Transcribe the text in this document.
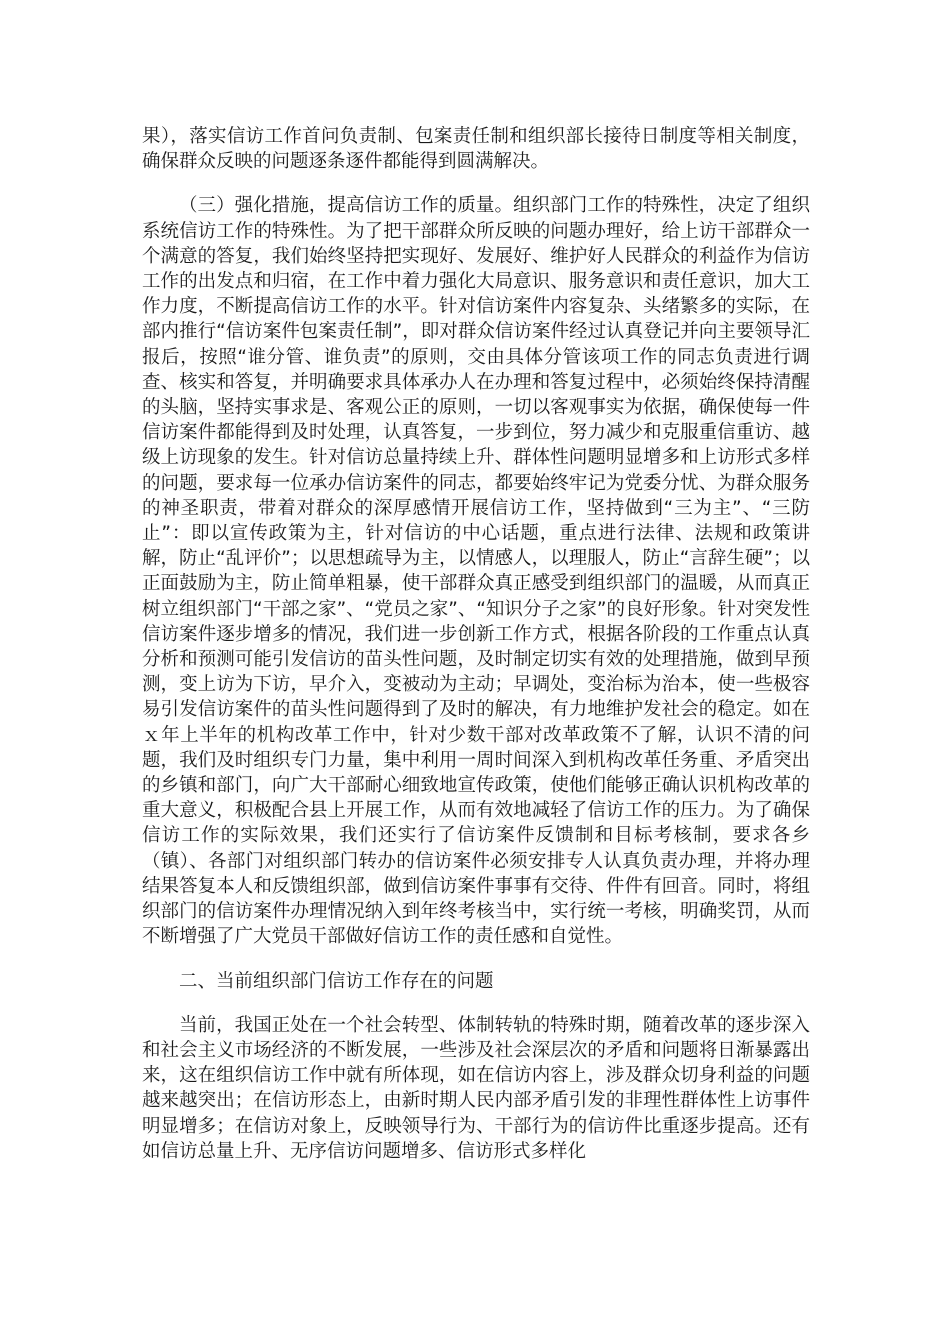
果），落实信访工作首问负责制、包案责任制和组织部长接待日制度等相关制度，确保群众反映的问题逐条逐件都能得到圆满解决。

（三）强化措施，提高信访工作的质量。组织部门工作的特殊性，决定了组织系统信访工作的特殊性。为了把干部群众所反映的问题办理好，给上访干部群众一个满意的答复，我们始终坚持把实现好、发展好、维护好人民群众的利益作为信访工作的出发点和归宿，在工作中着力强化大局意识、服务意识和责任意识，加大工作力度，不断提高信访工作的水平。针对信访案件内容复杂、头绪繁多的实际，在部内推行“信访案件包案责任制”，即对群众信访案件经过认真登记并向主要领导汇报后，按照“谁分管、谁负责”的原则，交由具体分管该项工作的同志负责进行调查、核实和答复，并明确要求具体承办人在办理和答复过程中，必须始终保持清醒的头脑，坚持实事求是、客观公正的原则，一切以客观事实为依据，确保使每一件信访案件都能得到及时处理，认真答复，一步到位，努力减少和克服重信重访、越级上访现象的发生。针对信访总量持续上升、群体性问题明显增多和上访形式多样的问题，要求每一位承办信访案件的同志，都要始终牢记为党委分忧、为群众服务的神圣职责，带着对群众的深厚感情开展信访工作，坚持做到“三为主”、“三防止”：即以宣传政策为主，针对信访的中心话题，重点进行法律、法规和政策讲解，防止“乱评价”；以思想疏导为主，以情感人，以理服人，防止“言辞生硬”；以正面鼓励为主，防止简单粗暴，使干部群众真正感受到组织部门的温暖，从而真正树立组织部门“干部之家”、“党员之家”、“知识分子之家”的良好形象。针对突发性信访案件逐步增多的情况，我们进一步创新工作方式，根据各阶段的工作重点认真分析和预测可能引发信访的苗头性问题，及时制定切实有效的处理措施，做到早预测，变上访为下访，早介入，变被动为主动；早调处，变治标为治本，使一些极容易引发信访案件的苗头性问题得到了及时的解决，有力地维护发社会的稳定。如在ｘ年上半年的机构改革工作中，针对少数干部对改革政策不了解，认识不清的问题，我们及时组织专门力量，集中利用一周时间深入到机构改革任务重、矛盾突出的乡镇和部门，向广大干部耐心细致地宣传政策，使他们能够正确认识机构改革的重大意义，积极配合县上开展工作，从而有效地减轻了信访工作的压力。为了确保信访工作的实际效果，我们还实行了信访案件反馈制和目标考核制，要求各乡（镇）、各部门对组织部门转办的信访案件必须安排专人认真负责办理，并将办理结果答复本人和反馈组织部，做到信访案件事事有交待、件件有回音。同时，将组织部门的信访案件办理情况纳入到年终考核当中，实行统一考核，明确奖罚，从而不断增强了广大党员干部做好信访工作的责任感和自觉性。

二、当前组织部门信访工作存在的问题

当前，我国正处在一个社会转型、体制转轨的特殊时期，随着改革的逐步深入和社会主义市场经济的不断发展，一些涉及社会深层次的矛盾和问题将日渐暴露出来，这在组织信访工作中就有所体现，如在信访内容上，涉及群众切身利益的问题越来越突出；在信访形态上，由新时期人民内部矛盾引发的非理性群体性上访事件明显增多；在信访对象上，反映领导行为、干部行为的信访件比重逐步提高。还有如信访总量上升、无序信访问题增多、信访形式多样化
